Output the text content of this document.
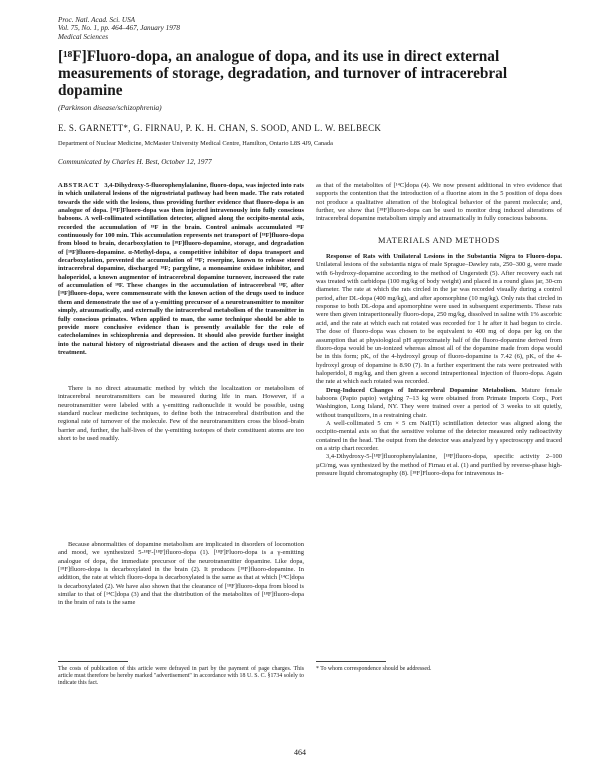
Proc. Natl. Acad. Sci. USA
Vol. 75, No. 1, pp. 464–467, January 1978
Medical Sciences
[¹⁸F]Fluoro-dopa, an analogue of dopa, and its use in direct external measurements of storage, degradation, and turnover of intracerebral dopamine
(Parkinson disease/schizophrenia)
E. S. GARNETT*, G. FIRNAU, P. K. H. CHAN, S. SOOD, AND L. W. BELBECK
Department of Nuclear Medicine, McMaster University Medical Centre, Hamilton, Ontario L8S 4J9, Canada
Communicated by Charles H. Best, October 12, 1977

ABSTRACT 3,4-Dihydroxy-5-fluorophenylalanine, fluoro-dopa, was injected into rats in which unilateral lesions of the nigrostriatal pathway had been made. The rats rotated towards the side with the lesions, thus providing further evidence that fluoro-dopa is an analogue of dopa. [¹⁸F]Fluoro-dopa was then injected intravenously into fully conscious baboons. A well-collimated scintillation detector, aligned along the occipito-mental axis, recorded the accumulation of ¹⁸F in the brain. Control animals accumulated ¹⁸F continuously for 100 min. This accumulation represents net transport of [¹⁸F]fluoro-dopa from blood to brain, decarboxylation to [¹⁸F]fluoro-dopamine, storage, and degradation of [¹⁸F]fluoro-dopamine. α-Methyl-dopa, a competitive inhibitor of dopa transport and decarboxylation, prevented the accumulation of ¹⁸F; reserpine, known to release stored intracerebral dopamine, discharged ¹⁸F; pargyline, a monoamine oxidase inhibitor, and haloperidol, a known augmentor of intracerebral dopamine turnover, increased the rate of accumulation of ¹⁸F. These changes in the accumulation of intracerebral ¹⁸F, after [¹⁸F]fluoro-dopa, were commensurate with the known action of the drugs used to induce them and demonstrate the use of a γ-emitting precursor of a neurotransmitter to monitor simply, atraumatically, and externally the intracerebral metabolism of the transmitter in fully conscious primates. When applied to man, the same technique should be able to provide more conclusive evidence than is presently available for the role of catecholamines in schizophrenia and depression. It should also provide further insight into the natural history of nigrostriatal diseases and the action of drugs used in their treatment.

There is no direct atraumatic method by which the localization or metabolism of intracerebral neurotransmitters can be measured during life in man. However, if a neurotransmitter were labeled with a γ-emitting radionuclide it would be possible, using standard nuclear medicine techniques, to define both the intracerebral distribution and the regional rate of turnover of the molecule. Few of the neurotransmitters cross the blood–brain barrier and, further, the half-lives of the γ-emitting isotopes of their constituent atoms are too short to be used readily.

Because abnormalities of dopamine metabolism are implicated in disorders of locomotion and mood, we synthesized 5-¹⁸F-[¹⁸F]fluoro-dopa (1). [¹⁸F]Fluoro-dopa is a γ-emitting analogue of dopa, the immediate precursor of the neurotransmitter dopamine. Like dopa, [¹⁸F]fluoro-dopa is decarboxylated in the brain (2). It produces [¹⁸F]fluoro-dopamine. In addition, the rate at which fluoro-dopa is decarboxylated is the same as that at which [¹⁴C]dopa is decarboxylated (2). We have also shown that the clearance of [¹⁸F]fluoro-dopa from blood is similar to that of [¹⁴C]dopa (3) and that the distribution of the metabolites of [¹⁸F]fluoro-dopa in the brain of rats is the same

as that of the metabolites of [¹⁴C]dopa (4). We now present additional in vivo evidence that supports the contention that the introduction of a fluorine atom in the 5 position of dopa does not produce a qualitative alteration of the biological behavior of the parent molecule; and, further, we show that [¹⁸F]fluoro-dopa can be used to monitor drug induced alterations of intracerebral dopamine metabolism simply and atraumatically in fully conscious baboons.

MATERIALS AND METHODS

Response of Rats with Unilateral Lesions in the Substantia Nigra to Fluoro-dopa. Unilateral lesions of the substantia nigra of male Sprague–Dawley rats, 250–300 g, were made with 6-hydroxy-dopamine according to the method of Ungerstedt (5). After recovery each rat was treated with carbidopa (100 mg/kg of body weight) and placed in a round glass jar, 30-cm diameter. The rate at which the rats circled in the jar was recorded visually during a control period, after DL-dopa (400 mg/kg), and after apomorphine (10 mg/kg). Only rats that circled in response to both DL-dopa and apomorphine were used in subsequent experiments. These rats were then given intraperitoneally fluoro-dopa, 250 mg/kg, dissolved in saline with 1% ascorbic acid, and the rate at which each rat rotated was recorded for 1 hr after it had begun to circle. The dose of fluoro-dopa was chosen to be equivalent to 400 mg of dopa per kg on the assumption that at physiological pH approximately half of the fluoro-dopamine derived from fluoro-dopa would be un-ionized whereas almost all of the dopamine made from dopa would be in this form; pKₐ of the 4-hydroxyl group of fluoro-dopamine is 7.42 (6), pKₐ of the 4-hydroxyl group of dopamine is 8.90 (7). In a further experiment the rats were pretreated with haloperidol, 8 mg/kg, and then given a second intraperitoneal injection of fluoro-dopa. Again the rate at which each rotated was recorded.

Drug-Induced Changes of Intracerebral Dopamine Metabolism. Mature female baboons (Papio papio) weighing 7–13 kg were obtained from Primate Imports Corp., Port Washington, Long Island, NY. They were trained over a period of 3 weeks to sit quietly, without tranquilizers, in a restraining chair.

A well-collimated 5 cm × 5 cm NaI(Tl) scintillation detector was aligned along the occipito-mental axis so that the sensitive volume of the detector measured only radioactivity contained in the head. The output from the detector was analyzed by γ spectroscopy and traced on a strip chart recorder.

3,4-Dihydroxy-5-[¹⁸F]fluorophenylalanine, [¹⁸F]fluoro-dopa, specific activity 2–100 µCi/mg, was synthesized by the method of Firnau et al. (1) and purified by reverse-phase high-pressure liquid chromatography (8). [¹⁸F]Fluoro-dopa for intravenous in-

The costs of publication of this article were defrayed in part by the payment of page charges. This article must therefore be hereby marked "advertisement" in accordance with 18 U. S. C. §1734 solely to indicate this fact.
* To whom correspondence should be addressed.
464
